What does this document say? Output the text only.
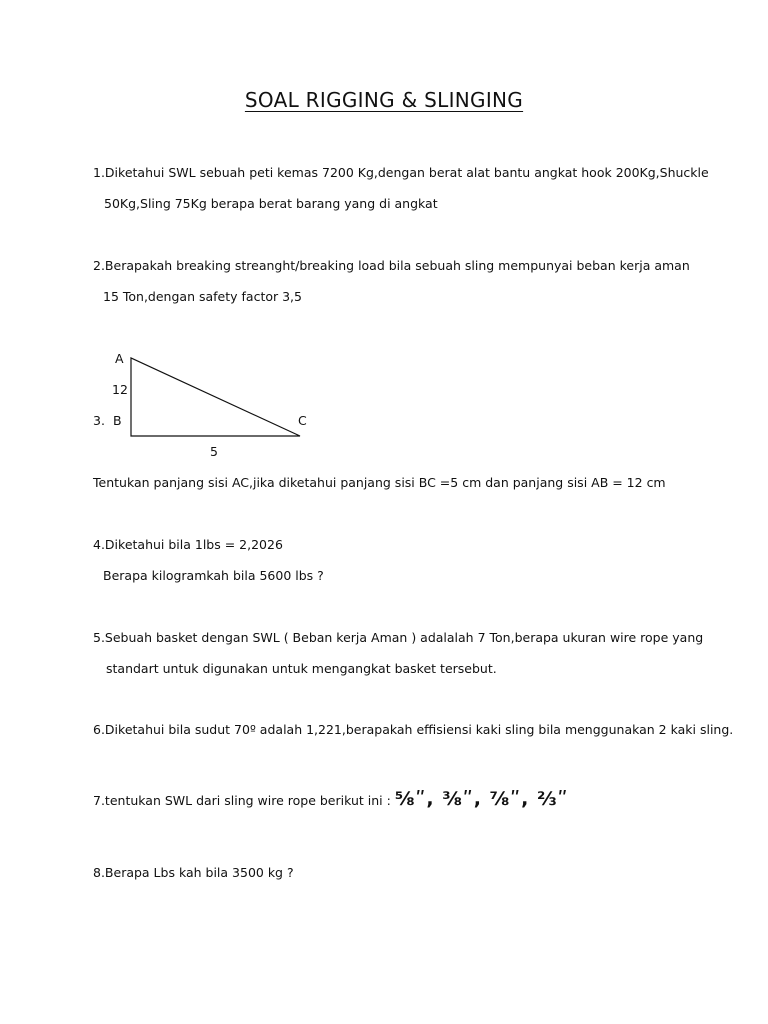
SOAL RIGGING & SLINGING
1.Diketahui SWL sebuah peti kemas 7200 Kg,dengan berat alat bantu angkat hook 200Kg,Shuckle
50Kg,Sling 75Kg berapa berat barang yang di angkat
2.Berapakah breaking streanght/breaking load bila sebuah sling mempunyai beban kerja aman
15 Ton,dengan safety factor 3,5
A
12
3. B	C
5
Tentukan panjang sisi AC,jika diketahui panjang sisi BC =5 cm dan panjang sisi AB = 12 cm
4.Diketahui bila 1lbs = 2,2026
Berapa kilogramkah bila 5600 lbs ?
5.Sebuah basket dengan SWL ( Beban kerja Aman ) adalalah 7 Ton,berapa ukuran wire rope yang
standart untuk digunakan untuk mengangkat basket tersebut.
6.Diketahui bila sudut 70º adalah 1,221,berapakah effisiensi kaki sling bila menggunakan 2 kaki sling.
7.tentukan SWL dari sling wire rope berikut ini : ⅝ʺ, ⅜ʺ, ⅞ʺ, ⅔ʺ
8.Berapa Lbs kah bila 3500 kg ?
